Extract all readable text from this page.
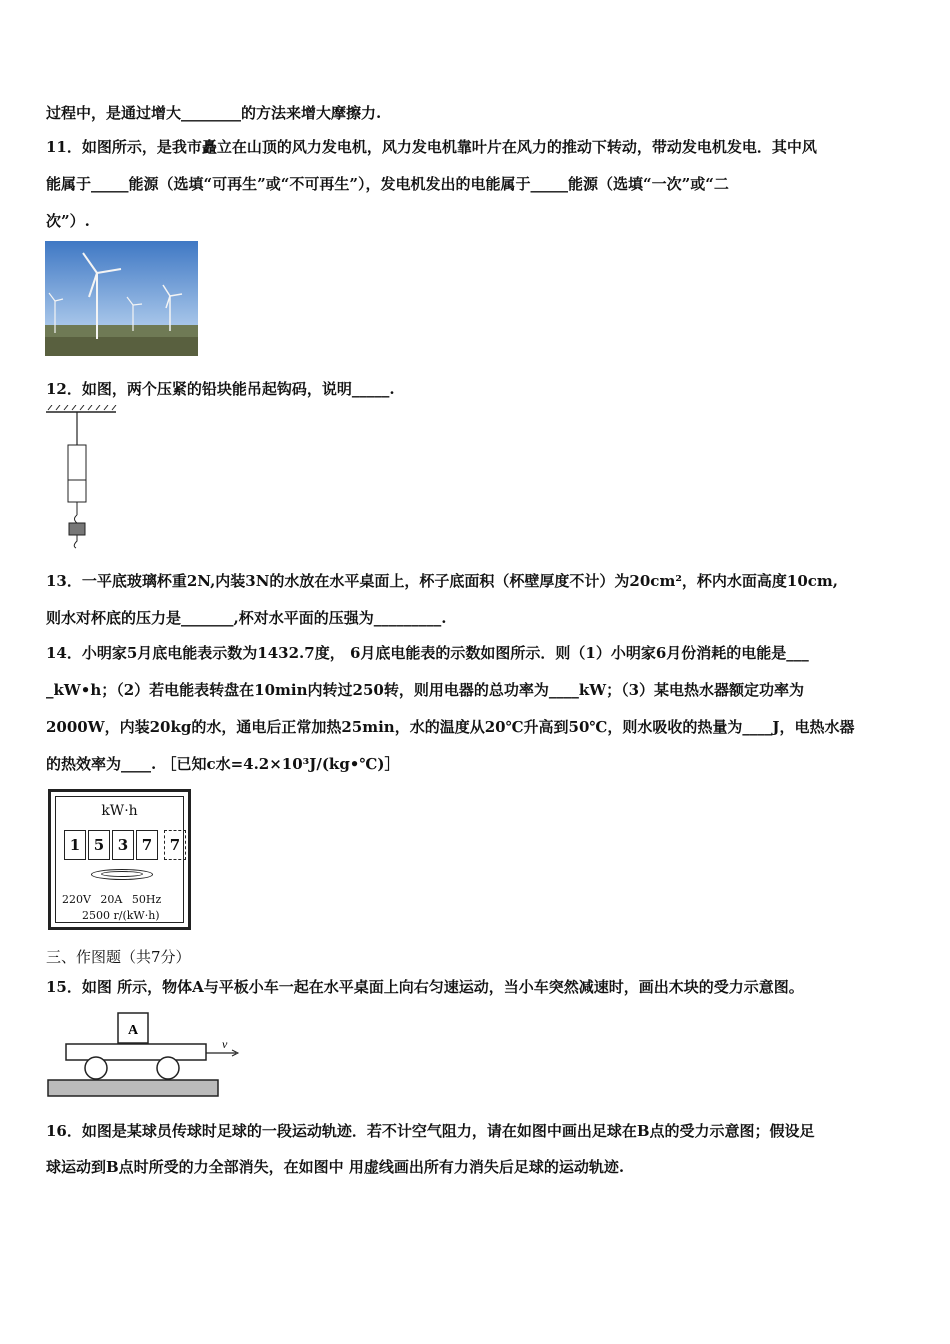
过程中，是通过增大________的方法来增大摩擦力.
11．如图所示，是我市矗立在山顶的风力发电机，风力发电机靠叶片在风力的推动下转动，带动发电机发电．其中风
能属于_____能源（选填“可再生”或“不可再生”），发电机发出的电能属于_____能源（选填“一次”或“二
次”）.
12．如图，两个压紧的铅块能吊起钩码，说明_____.
13．一平底玻璃杯重2N,内装3N的水放在水平桌面上，杯子底面积（杯壁厚度不计）为20cm²，杯内水面高度10cm,
则水对杯底的压力是_______,杯对水平面的压强为_________.
14．小明家5月底电能表示数为1432.7度， 6月底电能表的示数如图所示．则（1）小明家6月份消耗的电能是___
_kW•h；（2）若电能表转盘在10min内转过250转，则用电器的总功率为____kW；（3）某电热水器额定功率为
2000W，内装20kg的水，通电后正常加热25min，水的温度从20℃升高到50℃，则水吸收的热量为____J，电热水器
的热效率为____. ［已知c水=4.2×10³J/(kg•℃)］
kW·h
1 5 3 7	7
220V 20A 50Hz
2500 r/(kW·h)
三、作图题（共7分）
15．如图 所示，物体A与平板小车一起在水平桌面上向右匀速运动，当小车突然减速时，画出木块的受力示意图。
A
v
16．如图是某球员传球时足球的一段运动轨迹．若不计空气阻力，请在如图中画出足球在B点的受力示意图；假设足
球运动到B点时所受的力全部消失，在如图中 用虚线画出所有力消失后足球的运动轨迹.
